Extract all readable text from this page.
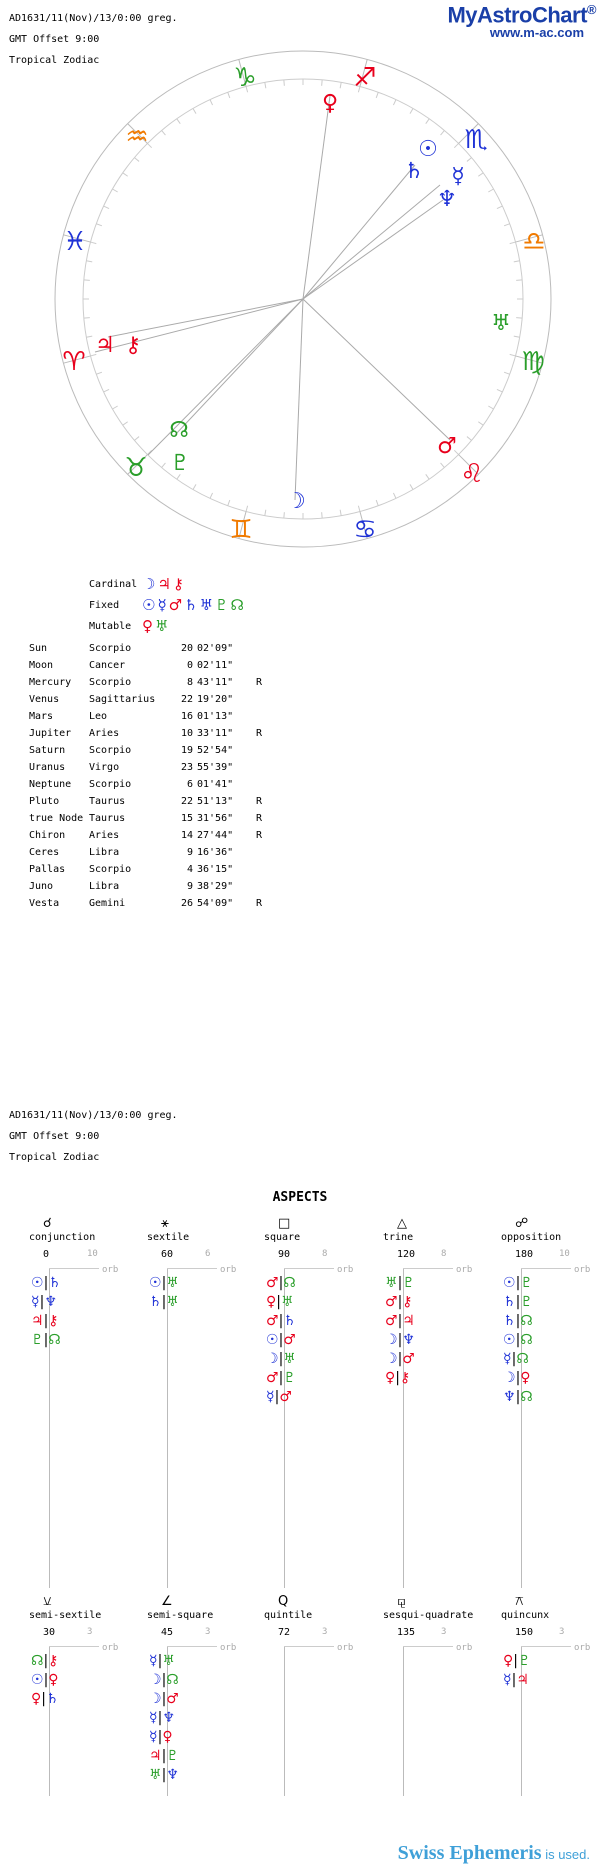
AD1631/11(Nov)/13/0:00 greg.
GMT Offset 9:00
Tropical Zodiac
MyAstroChart®
www.m-ac.com
♑	♐
♏
♎
♍
♌
♋
♊
♉
♈
♓
♒
♀
☉
♄ ☿
♆
♅
♂
☽
♇
☊
♃ ⚷
Cardinal ☽♃⚷
Fixed	☉☿♂♄♅♇☊
Mutable ♀♅
Sun	Scorpio	20 02'09"
Moon	Cancer	0 02'11"
Mercury Scorpio	8 43'11" R
Venus	Sagittarius	22 19'20"
Mars	Leo	16 01'13"
Jupiter Aries	10 33'11" R
Saturn Scorpio	19 52'54"
Uranus Virgo	23 55'39"
Neptune Scorpio	6 01'41"
Pluto	Taurus	22 51'13" R
true Node Taurus	15 31'56" R
Chiron Aries	14 27'44" R
Ceres	Libra	9 16'36"
Pallas Scorpio	4 36'15"
Juno	Libra	9 38'29"
Vesta	Gemini	26 54'09" R
AD1631/11(Nov)/13/0:00 greg.
GMT Offset 9:00
Tropical Zodiac
ASPECTS
☌
conjunction
0	10
orb
☉|♄
☿|♆
♃|⚷
♇|☊
⚹
sextile
60	6
orb
☉|♅
♄|♅
□
square
90	8
orb
♂|☊
♀|♅
♂|♄
☉|♂
☽|♅
♂|♇
☿|♂
△
trine
120	8
orb
♅|♇
♂|⚷
♂|♃
☽|♆
☽|♂
♀|⚷
☍
opposition
180	10
orb
☉|♇
♄|♇
♄|☊
☉|☊
☿|☊
☽|♀
♆|☊
⚺
semi-sextile
30	3
orb
☊|⚷
☉|♀
♀|♄
∠
semi-square
45	3
orb
☿|♅
☽|☊
☽|♂
☿|♆
☿|♀
♃|♇
♅|♆
Q
quintile
72	3
orb
⚼
sesqui-quadrate
135	3
orb
⚻
quincunx
150	3
orb
♀|♇
☿|♃
Swiss Ephemeris is used.
